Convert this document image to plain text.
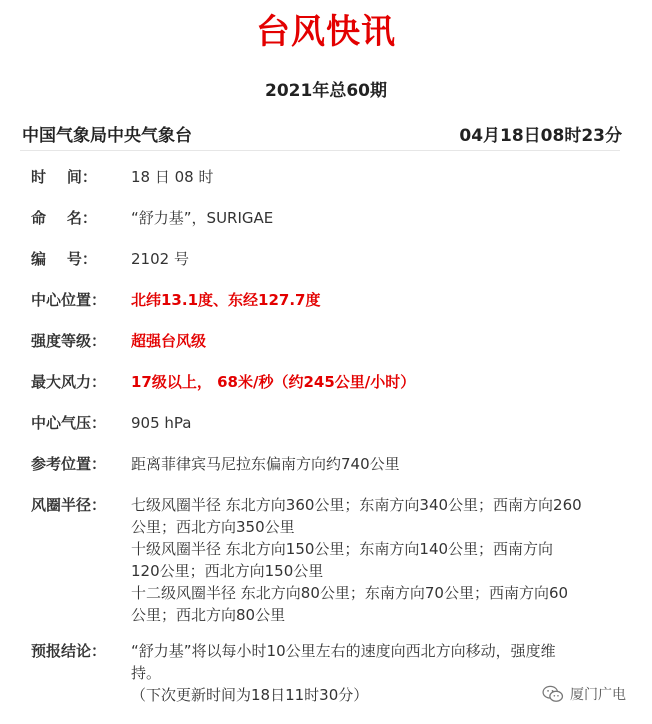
台风快讯
2021年总60期
中国气象局中央气象台	04月18日08时23分
时    间： 18 日 08 时
命    名： “舒力基”，SURIGAE
编    号： 2102 号
中心位置： 北纬13.1度、东经127.7度
强度等级： 超强台风级
最大风力： 17级以上， 68米/秒（约245公里/小时）
中心气压： 905 hPa
参考位置： 距离菲律宾马尼拉东偏南方向约740公里
风圈半径： 七级风圈半径 东北方向360公里；东南方向340公里；西南方向260
公里；西北方向350公里
十级风圈半径 东北方向150公里；东南方向140公里；西南方向
120公里；西北方向150公里
十二级风圈半径 东北方向80公里；东南方向70公里；西南方向60
公里；西北方向80公里
预报结论： “舒力基”将以每小时10公里左右的速度向西北方向移动，强度维
持。
（下次更新时间为18日11时30分）	厦门广电
